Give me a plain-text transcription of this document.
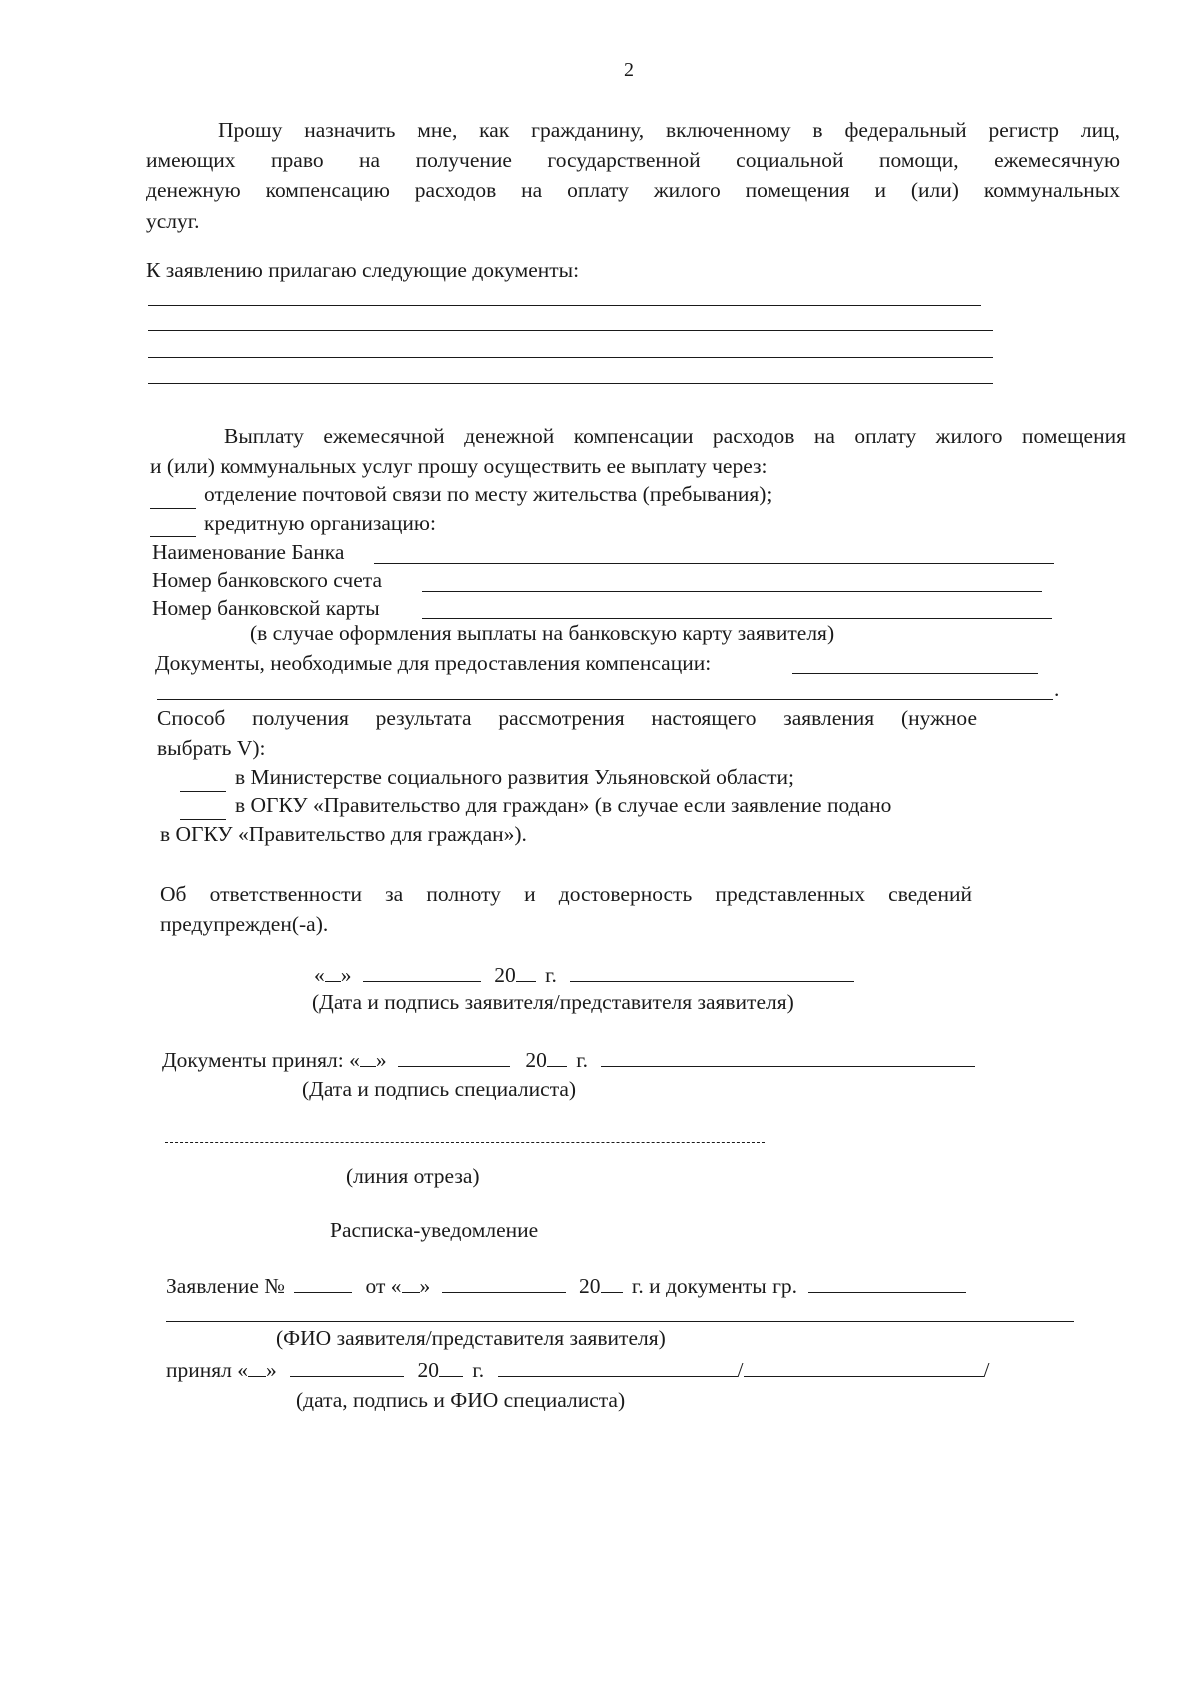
2
Прошу назначить мне, как гражданину, включенному в федеральный регистр лиц,
имеющих право на получение государственной социальной помощи, ежемесячную
денежную компенсацию расходов на оплату жилого помещения и (или) коммунальных
услуг.
К заявлению прилагаю следующие документы:
Выплату ежемесячной денежной компенсации расходов на оплату жилого помещения
и (или) коммунальных услуг прошу осуществить ее выплату через:
отделение почтовой связи по месту жительства (пребывания);
кредитную организацию:
Наименование Банка
Номер банковского счета
Номер банковской карты
(в случае оформления выплаты на банковскую карту заявителя)
Документы, необходимые для предоставления компенсации:
.
Способ получения результата рассмотрения настоящего заявления (нужное
выбрать V):
в Министерстве социального развития Ульяновской области;
в ОГКУ «Правительство для граждан» (в случае если заявление подано
в ОГКУ «Правительство для граждан»).
Об ответственности за полноту и достоверность представленных сведений
предупрежден(-а).
« »	20 г.
(Дата и подпись заявителя/представителя заявителя)
Документы принял: « »	20 г.
(Дата и подпись специалиста)
(линия отреза)
Расписка-уведомление
Заявление №	от « »	20 г. и документы гр.
(ФИО заявителя/представителя заявителя)
принял « »	20 г.	/	/
(дата, подпись и ФИО специалиста)
